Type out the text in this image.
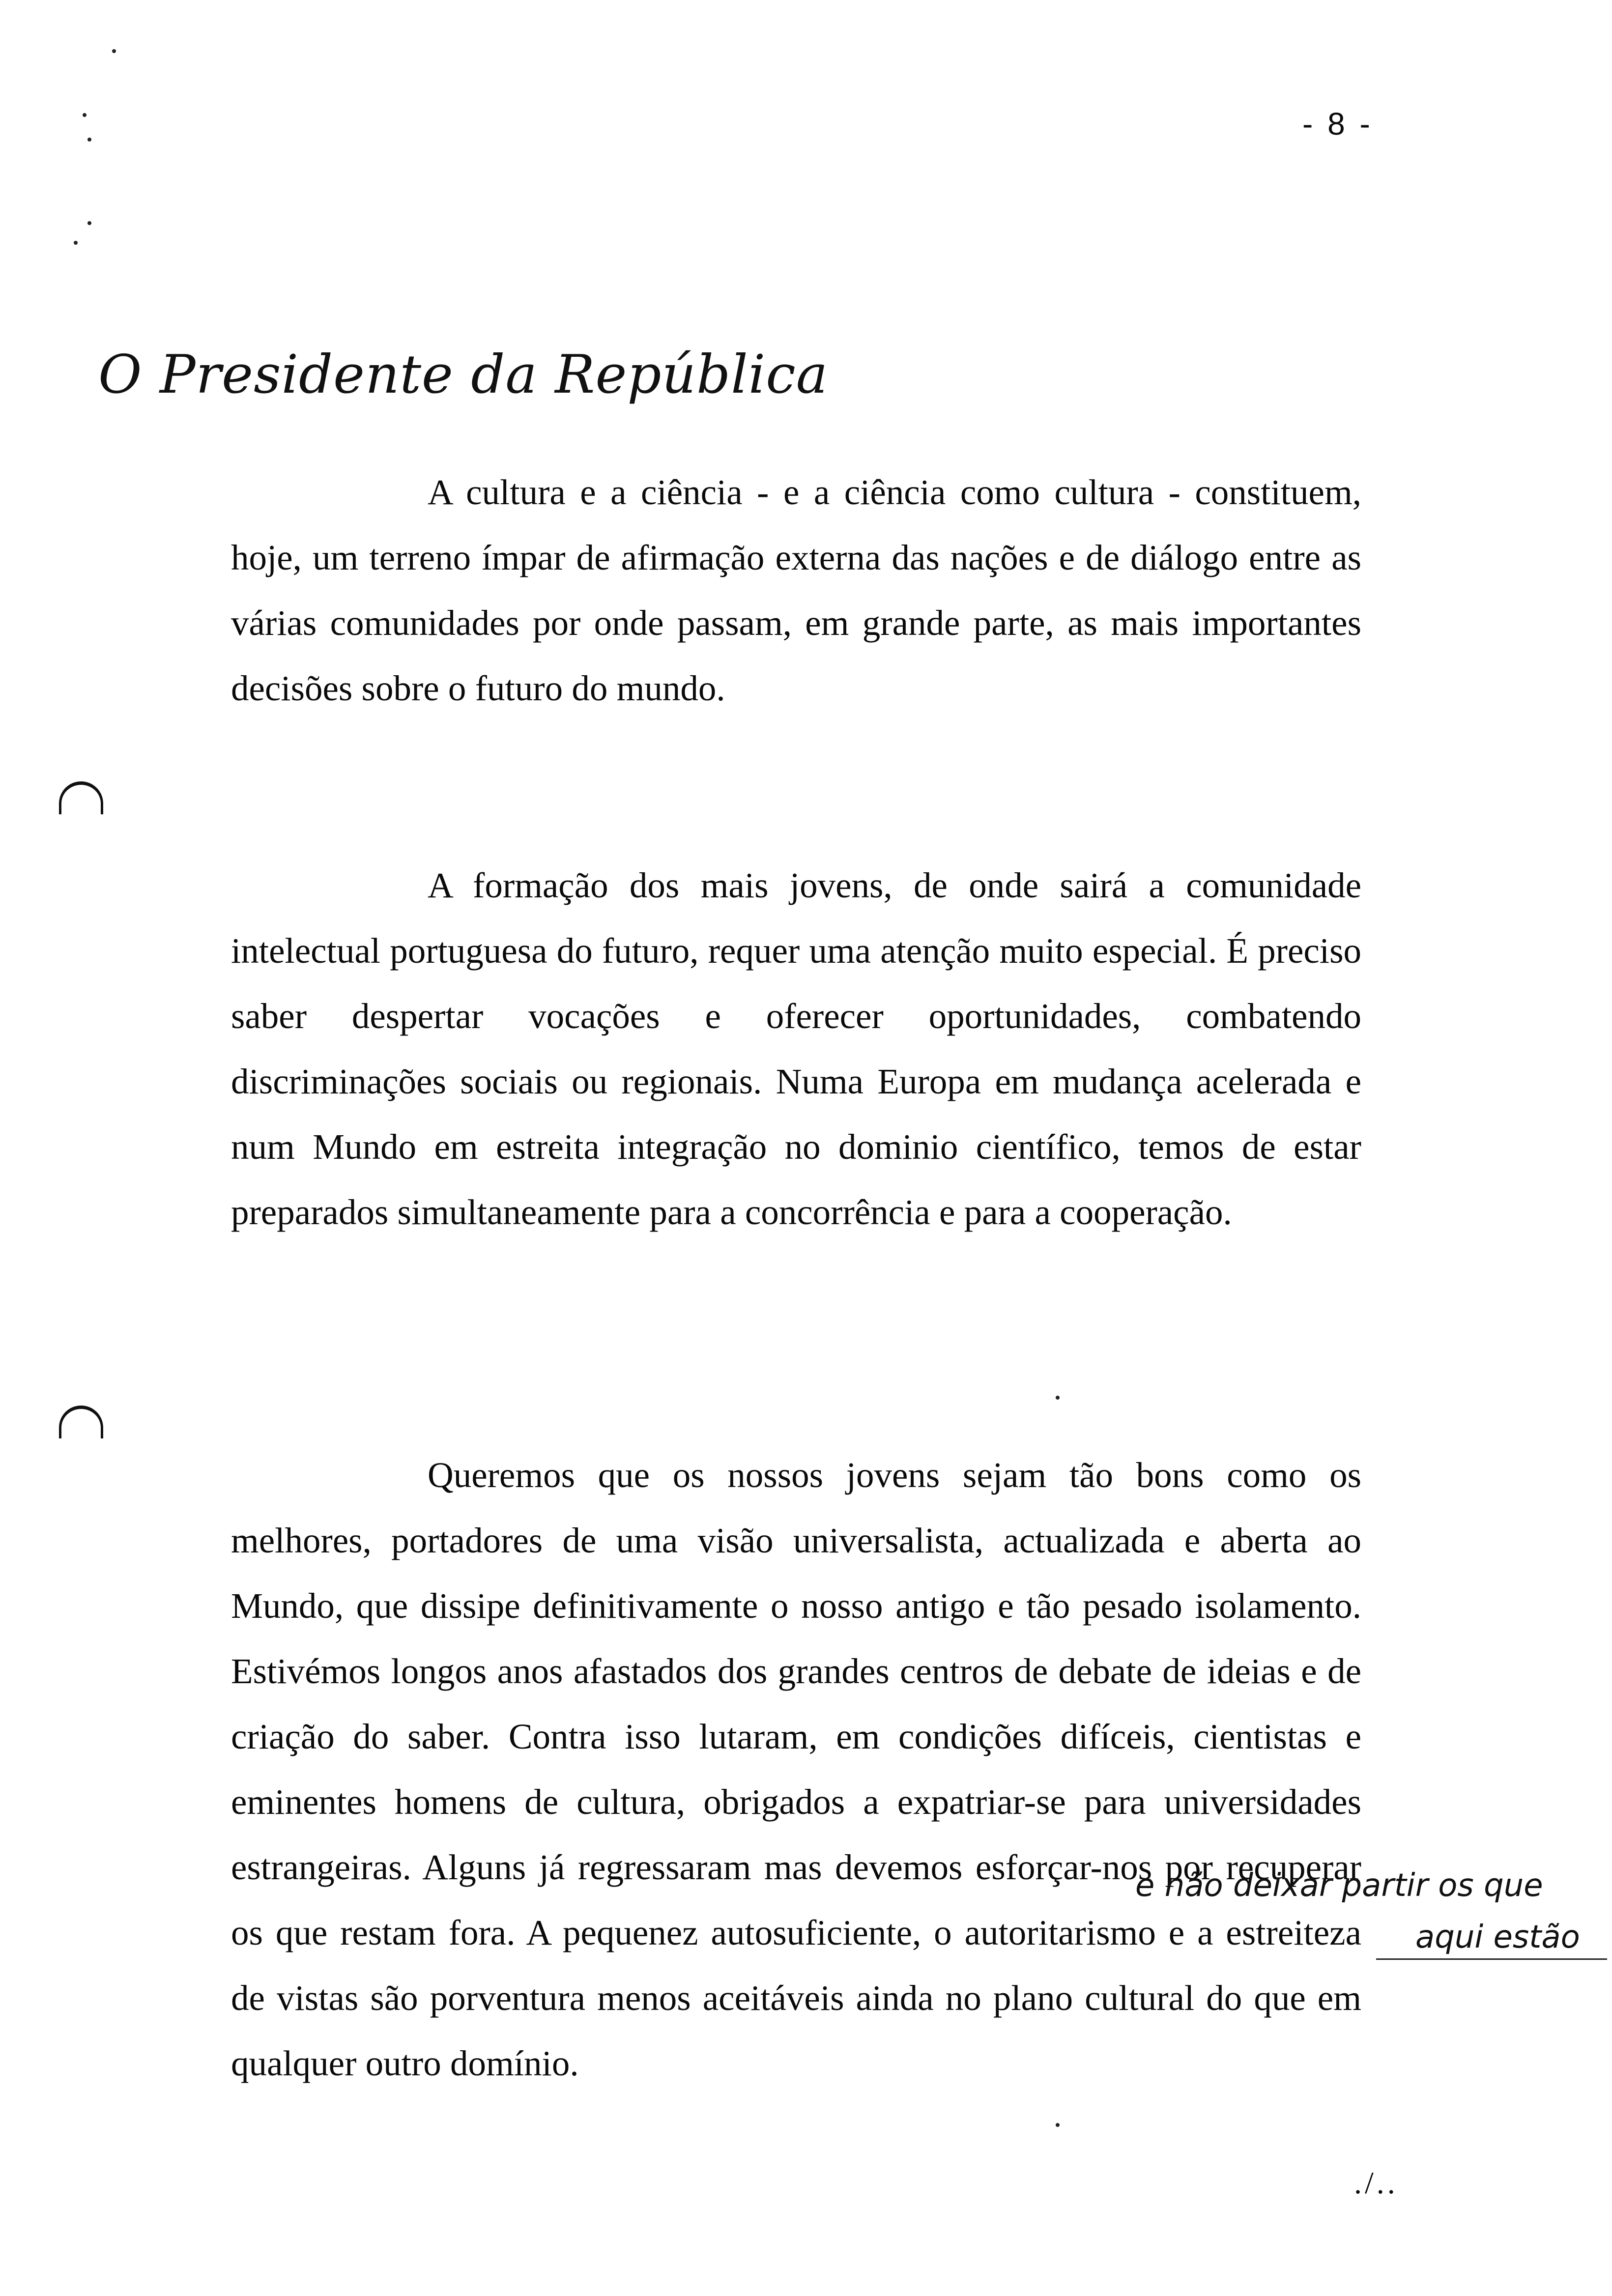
- 8 -
O Presidente da República
A cultura e a ciência - e a ciência como cultura - constituem, hoje, um terreno ímpar de afirmação externa das nações e de diálogo entre as várias comunidades por onde passam, em grande parte, as mais importantes decisões sobre o futuro do mundo.
A formação dos mais jovens, de onde sairá a comunidade intelectual portuguesa do futuro, requer uma atenção muito especial. É preciso saber despertar vocações e oferecer oportunidades, combatendo discriminações sociais ou regionais. Numa Europa em mudança acelerada e num Mundo em estreita integração no dominio científico, temos de estar preparados simultaneamente para a concorrência e para a cooperação.
Queremos que os nossos jovens sejam tão bons como os melhores, portadores de uma visão universalista, actualizada e aberta ao Mundo, que dissipe definitivamente o nosso antigo e tão pesado isolamento. Estivémos longos anos afastados dos grandes centros de debate de ideias e de criação do saber. Contra isso lutaram, em condições difíceis, cientistas e eminentes homens de cultura, obrigados a expatriar-se para universidades estrangeiras. Alguns já regressaram mas devemos esforçar-nos por recuperar os que restam fora. A pequenez autosuficiente, o autoritarismo e a estreiteza de vistas são porventura menos aceitáveis ainda no plano cultural do que em qualquer outro domínio.
e não deixar partir os que
aqui estão
./..
